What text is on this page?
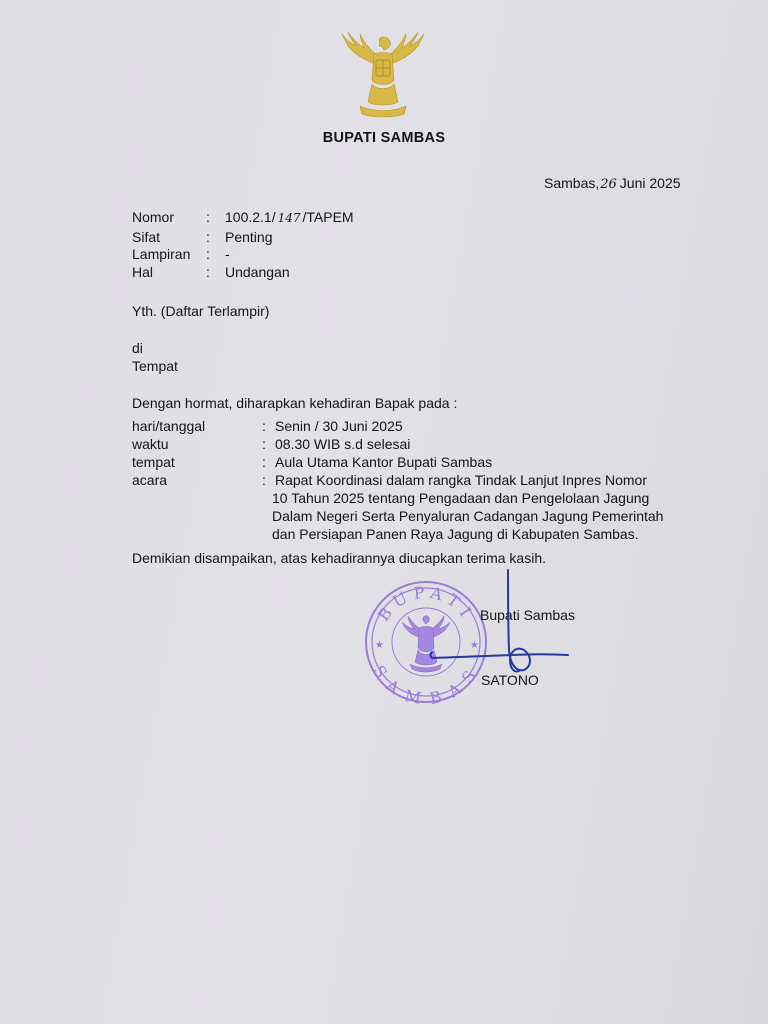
BUPATI SAMBAS
Sambas,26 Juni 2025
Nomor : 100.2.1/ 147 /TAPEM
Sifat	: Penting
Lampiran : -
Hal	: Undangan
Yth. (Daftar Terlampir)
di
Tempat
Dengan hormat, diharapkan kehadiran Bapak pada :
hari/tanggal	: Senin / 30 Juni 2025
waktu	: 08.30 WIB s.d selesai
tempat	: Aula Utama Kantor Bupati Sambas
acara	: Rapat Koordinasi dalam rangka Tindak Lanjut Inpres Nomor
10 Tahun 2025 tentang Pengadaan dan Pengelolaan Jagung
Dalam Negeri Serta Penyaluran Cadangan Jagung Pemerintah
dan Persiapan Panen Raya Jagung di Kabupaten Sambas.
Demikian disampaikan, atas kehadirannya diucapkan terima kasih.
BUPATI
SAMBAS
★	★
Bupati Sambas
SATONO
